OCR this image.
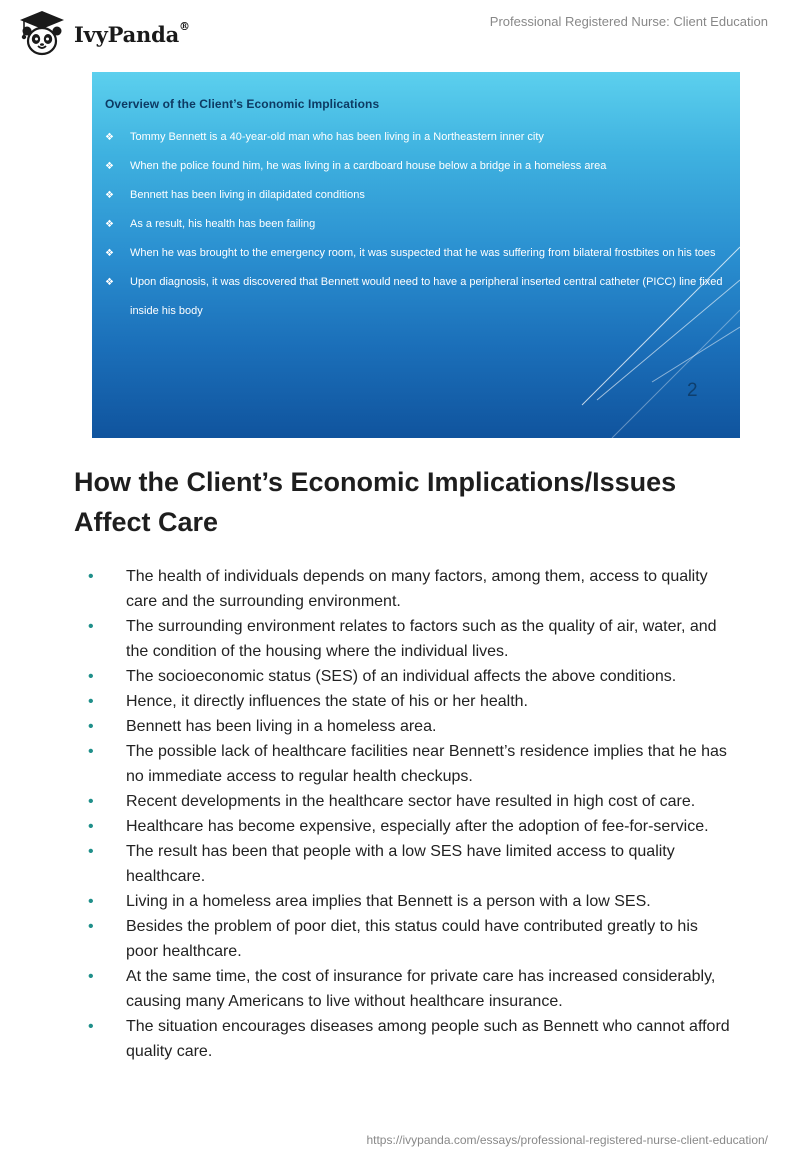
IvyPanda®	Professional Registered Nurse: Client Education
Overview of the Client’s Economic Implications
❖ Tommy Bennett is a 40-year-old man who has been living in a Northeastern inner city
❖ When the police found him, he was living in a cardboard house below a bridge in a homeless area
❖ Bennett has been living in dilapidated conditions
❖ As a result, his health has been failing
❖ When he was brought to the emergency room, it was suspected that he was suffering from bilateral frostbites on his toes
❖ Upon diagnosis, it was discovered that Bennett would need to have a peripheral inserted central catheter (PICC) line fixed inside his body
2
How the Client’s Economic Implications/Issues Affect Care
• The health of individuals depends on many factors, among them, access to quality care and the surrounding environment.
• The surrounding environment relates to factors such as the quality of air, water, and the condition of the housing where the individual lives.
• The socioeconomic status (SES) of an individual affects the above conditions.
• Hence, it directly influences the state of his or her health.
• Bennett has been living in a homeless area.
• The possible lack of healthcare facilities near Bennett’s residence implies that he has no immediate access to regular health checkups.
• Recent developments in the healthcare sector have resulted in high cost of care.
• Healthcare has become expensive, especially after the adoption of fee-for-service.
• The result has been that people with a low SES have limited access to quality healthcare.
• Living in a homeless area implies that Bennett is a person with a low SES.
• Besides the problem of poor diet, this status could have contributed greatly to his poor healthcare.
• At the same time, the cost of insurance for private care has increased considerably, causing many Americans to live without healthcare insurance.
• The situation encourages diseases among people such as Bennett who cannot afford quality care.
https://ivypanda.com/essays/professional-registered-nurse-client-education/
